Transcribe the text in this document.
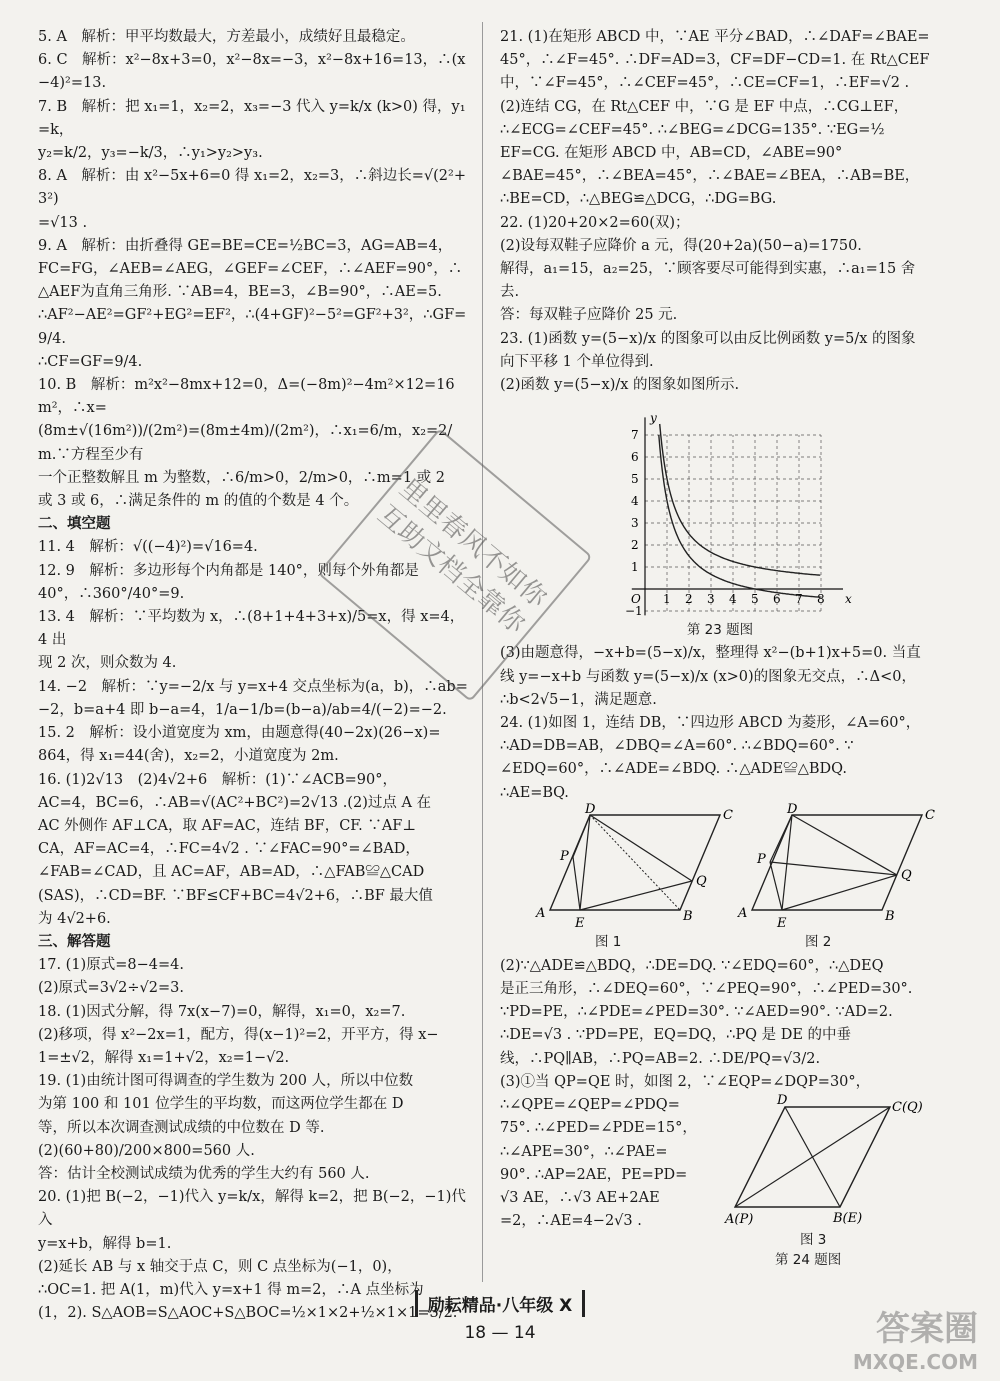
5. A　解析：甲平均数最大，方差最小，成绩好且最稳定。
6. C　解析：x²−8x+3=0，x²−8x=−3，x²−8x+16=13，∴(x−4)²=13.
7. B　解析：把 x₁=1，x₂=2，x₃=−3 代入 y=k/x (k>0) 得，y₁=k，
y₂=k/2，y₃=−k/3，∴y₁>y₂>y₃.
8. A　解析：由 x²−5x+6=0 得 x₁=2，x₂=3，∴斜边长=√(2²+3²)
=√13 .
9. A　解析：由折叠得 GE=BE=CE=½BC=3，AG=AB=4，
FC=FG，∠AEB=∠AEG，∠GEF=∠CEF，∴∠AEF=90°，∴
△AEF为直角三角形. ∵AB=4，BE=3，∠B=90°，∴AE=5.
∴AF²−AE²=GF²+EG²=EF²，∴(4+GF)²−5²=GF²+3²，∴GF=9/4.
∴CF=GF=9/4.
10. B　解析：m²x²−8mx+12=0，Δ=(−8m)²−4m²×12=16m²，∴x=
(8m±√(16m²))/(2m²)=(8m±4m)/(2m²)，∴x₁=6/m，x₂=2/m.∵方程至少有
一个正整数解且 m 为整数，∴6/m>0，2/m>0，∴m=1 或 2
或 3 或 6，∴满足条件的 m 的值的个数是 4 个。
二、填空题
11. 4　解析：√((−4)²)=√16=4.
12. 9　解析：多边形每个内角都是 140°，则每个外角都是
40°，∴360°/40°=9.
13. 4　解析：∵平均数为 x，∴(8+1+4+3+x)/5=x，得 x=4，4 出
现 2 次，则众数为 4.
14. −2　解析：∵y=−2/x 与 y=x+4 交点坐标为(a，b)，∴ab=
−2，b=a+4 即 b−a=4，1/a−1/b=(b−a)/ab=4/(−2)=−2.
15. 2　解析：设小道宽度为 xm，由题意得(40−2x)(26−x)=
864，得 x₁=44(舍)，x₂=2，小道宽度为 2m.
16. (1)2√13　(2)4√2+6　解析：(1)∵∠ACB=90°，
AC=4，BC=6，∴AB=√(AC²+BC²)=2√13 .(2)过点 A 在
AC 外侧作 AF⊥CA，取 AF=AC，连结 BF，CF. ∵AF⊥
CA，AF=AC=4，∴FC=4√2 . ∵∠FAC=90°=∠BAD，
∠FAB=∠CAD，且 AC=AF，AB=AD，∴△FAB≌△CAD
(SAS)，∴CD=BF. ∵BF≤CF+BC=4√2+6，∴BF 最大值
为 4√2+6.
三、解答题
17. (1)原式=8−4=4.
(2)原式=3√2÷√2=3.
18. (1)因式分解，得 7x(x−7)=0，解得，x₁=0，x₂=7.
(2)移项，得 x²−2x=1，配方，得(x−1)²=2，开平方，得 x−
1=±√2，解得 x₁=1+√2，x₂=1−√2.
19. (1)由统计图可得调查的学生数为 200 人，所以中位数
为第 100 和 101 位学生的平均数，而这两位学生都在 D
等，所以本次调查测试成绩的中位数在 D 等.
(2)(60+80)/200×800=560 人.
答：估计全校测试成绩为优秀的学生大约有 560 人.
20. (1)把 B(−2，−1)代入 y=k/x，解得 k=2，把 B(−2，−1)代入
y=x+b，解得 b=1.
(2)延长 AB 与 x 轴交于点 C，则 C 点坐标为(−1，0)，
∴OC=1. 把 A(1，m)代入 y=x+1 得 m=2，∴A 点坐标为
(1，2). S△AOB=S△AOC+S△BOC=½×1×2+½×1×1=3/2.
21. (1)在矩形 ABCD 中，∵AE 平分∠BAD，∴∠DAF=∠BAE=
45°，∴∠F=45°. ∴DF=AD=3，CF=DF−CD=1. 在 Rt△CEF
中，∵∠F=45°，∴∠CEF=45°，∴CE=CF=1，∴EF=√2 .
(2)连结 CG，在 Rt△CEF 中，∵G 是 EF 中点，∴CG⊥EF，
∴∠ECG=∠CEF=45°. ∴∠BEG=∠DCG=135°. ∵EG=½
EF=CG. 在矩形 ABCD 中，AB=CD，∠ABE=90°
∠BAE=45°，∴∠BEA=45°，∴∠BAE=∠BEA，∴AB=BE，
∴BE=CD，∴△BEG≌△DCG，∴DG=BG.
22. (1)20+20×2=60(双)；
(2)设每双鞋子应降价 a 元，得(20+2a)(50−a)=1750.
解得，a₁=15，a₂=25，∵顾客要尽可能得到实惠，∴a₁=15 舍
去.
答：每双鞋子应降价 25 元.
23. (1)函数 y=(5−x)/x 的图象可以由反比例函数 y=5/x 的图象
向下平移 1 个单位得到.
(2)函数 y=(5−x)/x 的图象如图所示.
1 2 3 4 5 6 7 8
1
2
3
4
5
6
7
−1
O	x
y
第 23 题图
(3)由题意得，−x+b=(5−x)/x，整理得 x²−(b+1)x+5=0. 当直
线 y=−x+b 与函数 y=(5−x)/x (x>0)的图象无交点，∴Δ<0，
∴b<2√5−1，满足题意.
24. (1)如图 1，连结 DB，∵四边形 ABCD 为菱形，∠A=60°，
∴AD=DB=AB，∠DBQ=∠A=60°. ∴∠BDQ=60°. ∵
∠EDQ=60°，∴∠ADE=∠BDQ. ∴△ADE≌△BDQ.
∴AE=BQ.
D	C
P
Q
A
E	B
D	C
P
Q
A
E	B
图 1	图 2
(2)∵△ADE≌△BDQ，∴DE=DQ. ∵∠EDQ=60°，∴△DEQ
是正三角形，∴∠DEQ=60°，∵∠PEQ=90°，∴∠PED=30°.
∵PD=PE，∴∠PDE=∠PED=30°. ∵∠AED=90°. ∵AD=2.
∴DE=√3 . ∵PD=PE，EQ=DQ，∴PQ 是 DE 的中垂
线，∴PQ∥AB，∴PQ=AB=2. ∴DE/PQ=√3/2.
(3)①当 QP=QE 时，如图 2，∵∠EQP=∠DQP=30°，
∴∠QPE=∠QEP=∠PDQ=
75°. ∴∠PED=∠PDE=15°，
∴∠APE=30°，∴∠PAE=
90°. ∴AP=2AE，PE=PD=
√3 AE，∴√3 AE+2AE
=2，∴AE=4−2√3 .
D	C(Q)
A(P)	B(E)
图 3
第 24 题图
里里春风不如你
互助文档全靠你
励耘精品·八年级 X
18 — 14	答案圈
MXQE.COM
